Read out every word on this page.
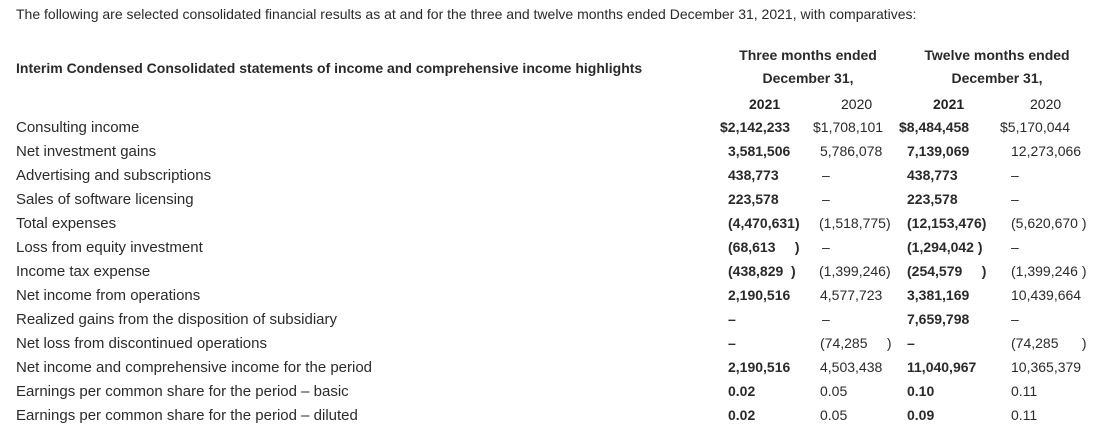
The following are selected consolidated financial results as at and for the three and twelve months ended December 31, 2021, with comparatives:
Interim Condensed Consolidated statements of income and comprehensive income highlights
Three months ended
December 31,
Twelve months ended
December 31,
2021	2020	2021	2020
Consulting income	$2,142,233 $1,708,101 $8,484,458 $5,170,044
Net investment gains	3,581,506 5,786,078 7,139,069	12,273,066
Advertising and subscriptions	438,773	–	438,773	–
Sales of software licensing	223,578	–	223,578	–
Total expenses	(4,470,631) (1,518,775) (12,153,476) (5,620,670 )
Loss from equity investment	(68,613     ) –	(1,294,042 ) –
Income tax expense	(438,829  ) (1,399,246) (254,579     ) (1,399,246 )
Net income from operations	2,190,516 4,577,723 3,381,169	10,439,664
Realized gains from the disposition of subsidiary	–	–	7,659,798	–
Net loss from discontinued operations	–	(74,285     ) –	(74,285      )
Net income and comprehensive income for the period	2,190,516 4,503,438 11,040,967 10,365,379
Earnings per common share for the period – basic	0.02	0.05	0.10	0.11
Earnings per common share for the period – diluted	0.02	0.05	0.09	0.11
